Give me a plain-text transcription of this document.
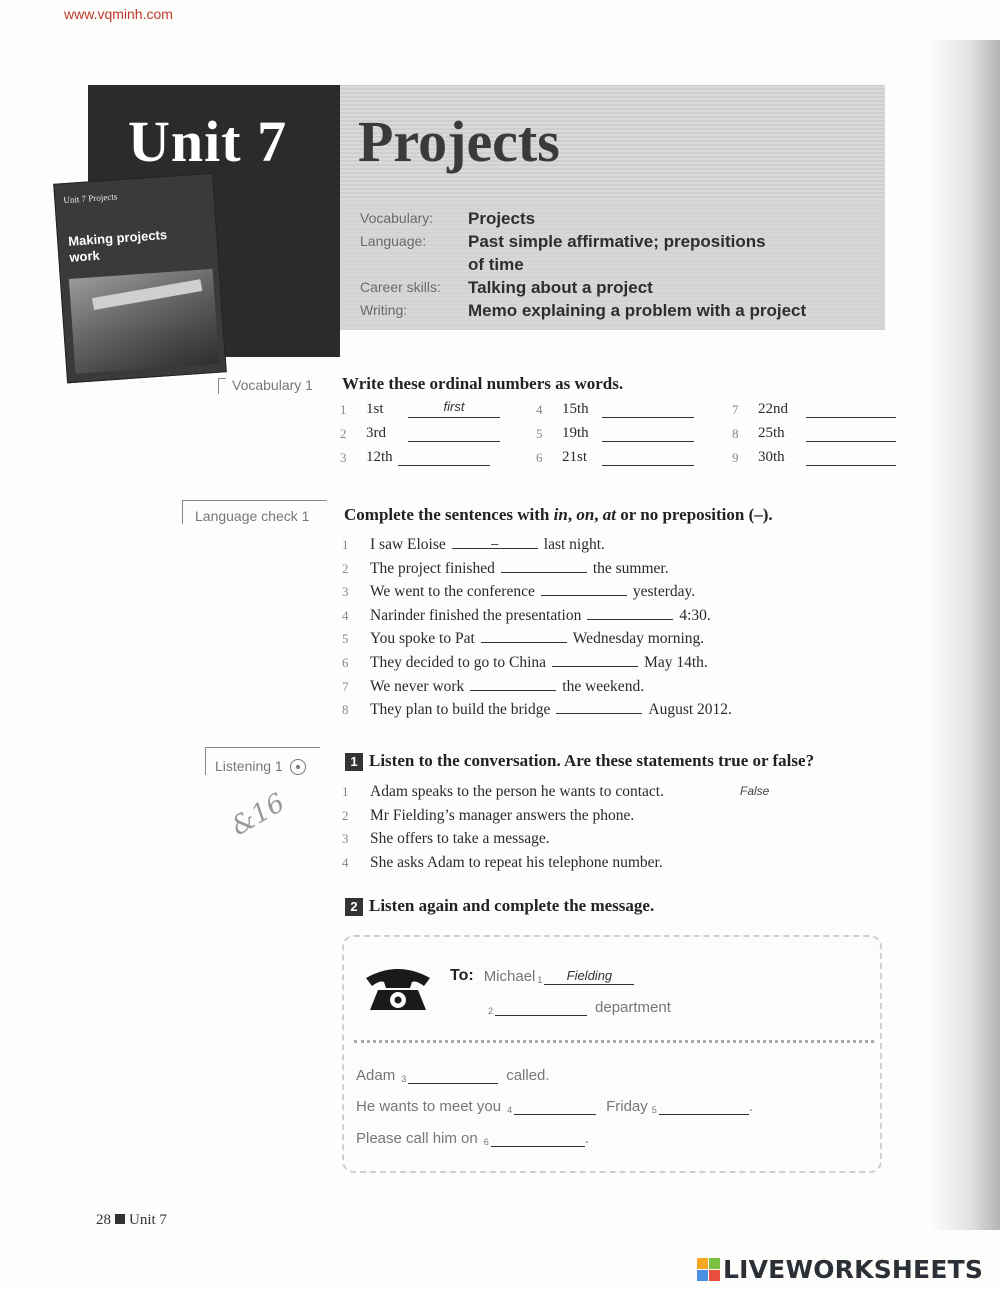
www.vqminh.com
Unit 7 Projects
Unit 7 Projects
Making projects work
Vocabulary:	Projects
Language:	Past simple affirmative; prepositions
of time
Career skills:	Talking about a project
Writing:	Memo explaining a problem with a project
Vocabulary 1 Write these ordinal numbers as words.
1	1st	first
2	3rd
3	12th
4	15th
5	19th
6	21st
7	22nd
8	25th
9	30th
Language check 1 Complete the sentences with in, on, at or no preposition (–).
1	I saw Eloise	–	last night.
2	The project finished	the summer.
3	We went to the conference	yesterday.
4	Narinder finished the presentation	4:30.
5	You spoke to Pat	Wednesday morning.
6	They decided to go to China	May 14th.
7	We never work	the weekend.
8	They plan to build the bridge	August 2012.
Listening 1
&16
1 Listen to the conversation. Are these statements true or false?
1	Adam speaks to the person he wants to contact.	False
2	Mr Fielding’s manager answers the phone.
3	She offers to take a message.
4	She asks Adam to repeat his telephone number.
2 Listen again and complete the message.
To: Michael$_1$	Fielding
2	department
Adam $_3$	called.
He wants to meet you $_4$	Friday $_5$	.
Please call him on $_6$	.
28 Unit 7
LIVEWORKSHEETS
